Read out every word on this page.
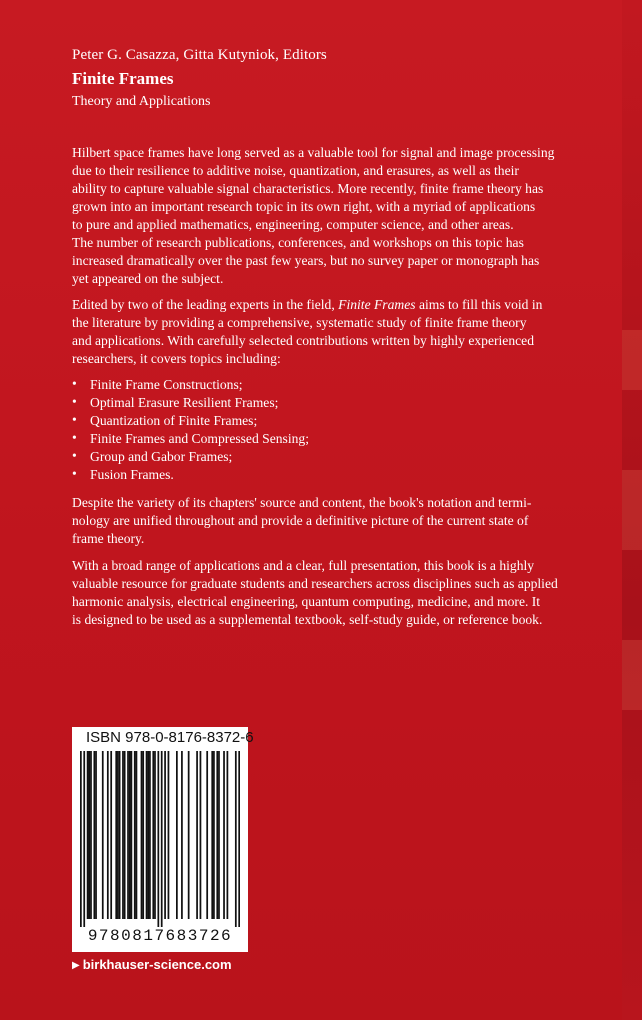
Peter G. Casazza, Gitta Kutyniok, Editors
Finite Frames
Theory and Applications
Hilbert space frames have long served as a valuable tool for signal and image processing
due to their resilience to additive noise, quantization, and erasures, as well as their
ability to capture valuable signal characteristics. More recently, finite frame theory has
grown into an important research topic in its own right, with a myriad of applications
to pure and applied mathematics, engineering, computer science, and other areas.
The number of research publications, conferences, and workshops on this topic has
increased dramatically over the past few years, but no survey paper or monograph has
yet appeared on the subject.
Edited by two of the leading experts in the field, Finite Frames aims to fill this void in
the literature by providing a comprehensive, systematic study of finite frame theory
and applications. With carefully selected contributions written by highly experienced
researchers, it covers topics including:
• Finite Frame Constructions;
• Optimal Erasure Resilient Frames;
• Quantization of Finite Frames;
• Finite Frames and Compressed Sensing;
• Group and Gabor Frames;
• Fusion Frames.
Despite the variety of its chapters' source and content, the book's notation and termi-
nology are unified throughout and provide a definitive picture of the current state of
frame theory.
With a broad range of applications and a clear, full presentation, this book is a highly
valuable resource for graduate students and researchers across disciplines such as applied
harmonic analysis, electrical engineering, quantum computing, medicine, and more. It
is designed to be used as a supplemental textbook, self-study guide, or reference book.
ISBN 978-0-8176-8372-6
9780817683726
▶ birkhauser-science.com
